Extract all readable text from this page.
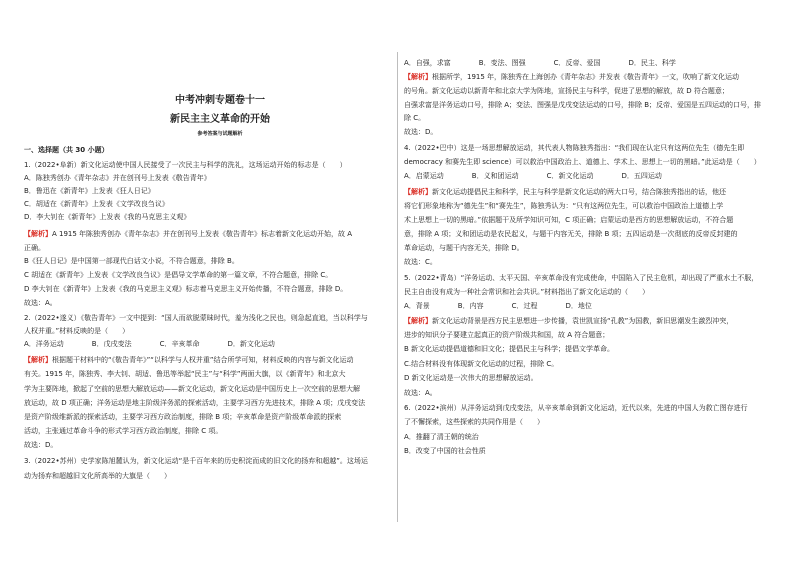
中考冲刺专题卷十一
新民主主义革命的开始
参考答案与试题解析
一、选择题（共 30 小题）
1.（2022•阜新）新文化运动使中国人民接受了一次民主与科学的洗礼，这场运动开始的标志是（　　）
A．陈独秀创办《青年杂志》并在创刊号上发表《敬告青年》
B．鲁迅在《新青年》上发表《狂人日记》
C．胡适在《新青年》上发表《文学改良刍议》
D．李大钊在《新青年》上发表《我的马克思主义观》
【解析】A 1915 年陈独秀创办《青年杂志》并在创刊号上发表《敬告青年》标志着新文化运动开始，故 A
正确。
B《狂人日记》是中国第一部现代白话文小说，不符合题意，排除 B。
C 胡适在《新青年》上发表《文学改良刍议》是倡导文学革命的第一篇文章，不符合题意，排除 C。
D 李大钊在《新青年》上发表《我的马克思主义观》标志着马克思主义开始传播，不符合题意，排除 D。
故选：A。
2.（2022•遂义）《敬告青年》一文中提到：“国人而欲脱蒙昧时代，羞为浅化之民也，则急起直追，当以科学与
人权并重。”材料反映的是（　　）
A．洋务运动　　　　B．戊戌变法　　　　C．辛亥革命　　　　D．新文化运动
【解析】根据题干材料中的“《敬告青年》”“以科学与人权并重”结合所学可知，材料反映的内容与新文化运动
有关。1915 年，陈独秀、李大钊、胡适、鲁迅等举起“民主”与“科学”两面大旗，以《新青年》和北京大
学为主要阵地，掀起了空前的思想大解放运动——新文化运动，新文化运动是中国历史上一次空前的思想大解
放运动，故 D 项正确；洋务运动是地主阶级洋务派的探索活动，主要学习西方先进技术，排除 A 项；戊戌变法
是资产阶级维新派的探索活动，主要学习西方政治制度，排除 B 项；辛亥革命是资产阶级革命派的探索
活动，主张通过革命斗争的形式学习西方政治制度，排除 C 项。
故选：D。
3.（2022•苏州）史学家陈旭麓认为，新文化运动“是千百年来的历史积淀而成的旧文化的扬弃和超越”。这场运
动为扬弃和超越旧文化所高举的大旗是（　　）
A．自强，求富　　　　B．变法、图强　　　　C．反帝、爱国　　　　D．民主、科学
【解析】根据所学，1915 年，陈独秀在上海创办《青年杂志》并发表《敬告青年》一文，吹响了新文化运动
的号角。新文化运动以新青年和北京大学为阵地，宣扬民主与科学，促进了思想的解放，故 D 符合题意；
自强求富是洋务运动口号，排除 A；变法、图强是戊戌变法运动的口号，排除 B；反帝、爱国是五四运动的口号，排
除 C。
故选：D。
4.（2022•巴中）这是一场思想解放运动，其代表人物陈独秀指出：“我们现在认定只有这两位先生（德先生即
democracy 和赛先生即 science）可以救治中国政治上、道德上、学术上、思想上一切的黑暗。”此运动是（　　）
A．启蒙运动　　　　B．义和团运动　　　　C．新文化运动　　　　D．五四运动
【解析】新文化运动提倡民主和科学，民主与科学是新文化运动的两大口号，结合陈独秀指出的话，他还
将它们形象地称为“德先生”和“赛先生”，陈独秀认为：“只有这两位先生，可以救治中国政治上道德上学
术上思想上一切的黑暗。”依据题干及所学知识可知，C 项正确；启蒙运动是西方的思想解放运动，不符合题
意，排除 A 项；义和团运动是农民起义，与题干内容无关，排除 B 项；五四运动是一次彻底的反帝反封建的
革命运动，与题干内容无关，排除 D。
故选：C。
5.（2022•青岛）“洋务运动、太平天国、辛亥革命没有完成使命，中国陷入了民主危机，却出现了严重水土不服，
民主自由没有成为一种社会常识和社会共识。”材料指出了新文化运动的（　　）
A．背景　　　　B．内容　　　　C．过程　　　　D．地位
【解析】新文化运动背景是西方民主思想进一步传播，袁世凯宣扬“孔教”为国教，新旧思潮发生激烈冲突，
进步的知识分子要建立起真正的资产阶级共和国，故 A 符合题意；
B 新文化运动提倡道德和旧文化；提倡民主与科学；提倡文学革命。
C.结合材料没有体现新文化运动的过程，排除 C。
D 新文化运动是一次伟大的思想解放运动。
故选：A。
6.（2022•滨州）从洋务运动到戊戌变法，从辛亥革命到新文化运动，近代以来，先进的中国人为救亡图存进行
了不懈探索，这些探索的共同作用是（　　）
A．推翻了清王朝的统治
B．改变了中国的社会性质
